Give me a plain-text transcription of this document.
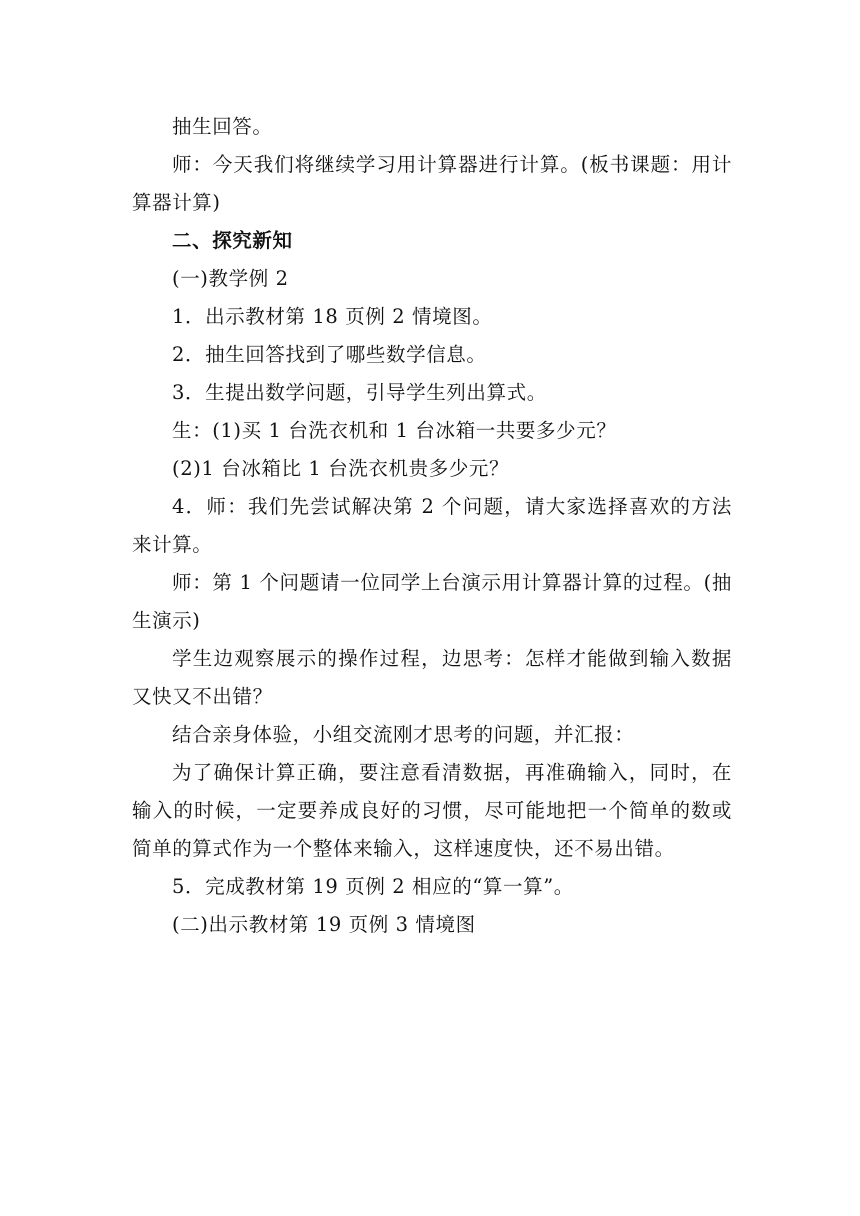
抽生回答。

师：今天我们将继续学习用计算器进行计算。(板书课题：用计算器计算)

二、探究新知

(一)教学例 2

1．出示教材第 18 页例 2 情境图。

2．抽生回答找到了哪些数学信息。

3．生提出数学问题，引导学生列出算式。

生：(1)买 1 台洗衣机和 1 台冰箱一共要多少元？

(2)1 台冰箱比 1 台洗衣机贵多少元？

4．师：我们先尝试解决第 2 个问题，请大家选择喜欢的方法来计算。

师：第 1 个问题请一位同学上台演示用计算器计算的过程。(抽生演示)

学生边观察展示的操作过程，边思考：怎样才能做到输入数据又快又不出错？

结合亲身体验，小组交流刚才思考的问题，并汇报：

为了确保计算正确，要注意看清数据，再准确输入，同时，在输入的时候，一定要养成良好的习惯，尽可能地把一个简单的数或简单的算式作为一个整体来输入，这样速度快，还不易出错。

5．完成教材第 19 页例 2 相应的“算一算”。

(二)出示教材第 19 页例 3 情境图
